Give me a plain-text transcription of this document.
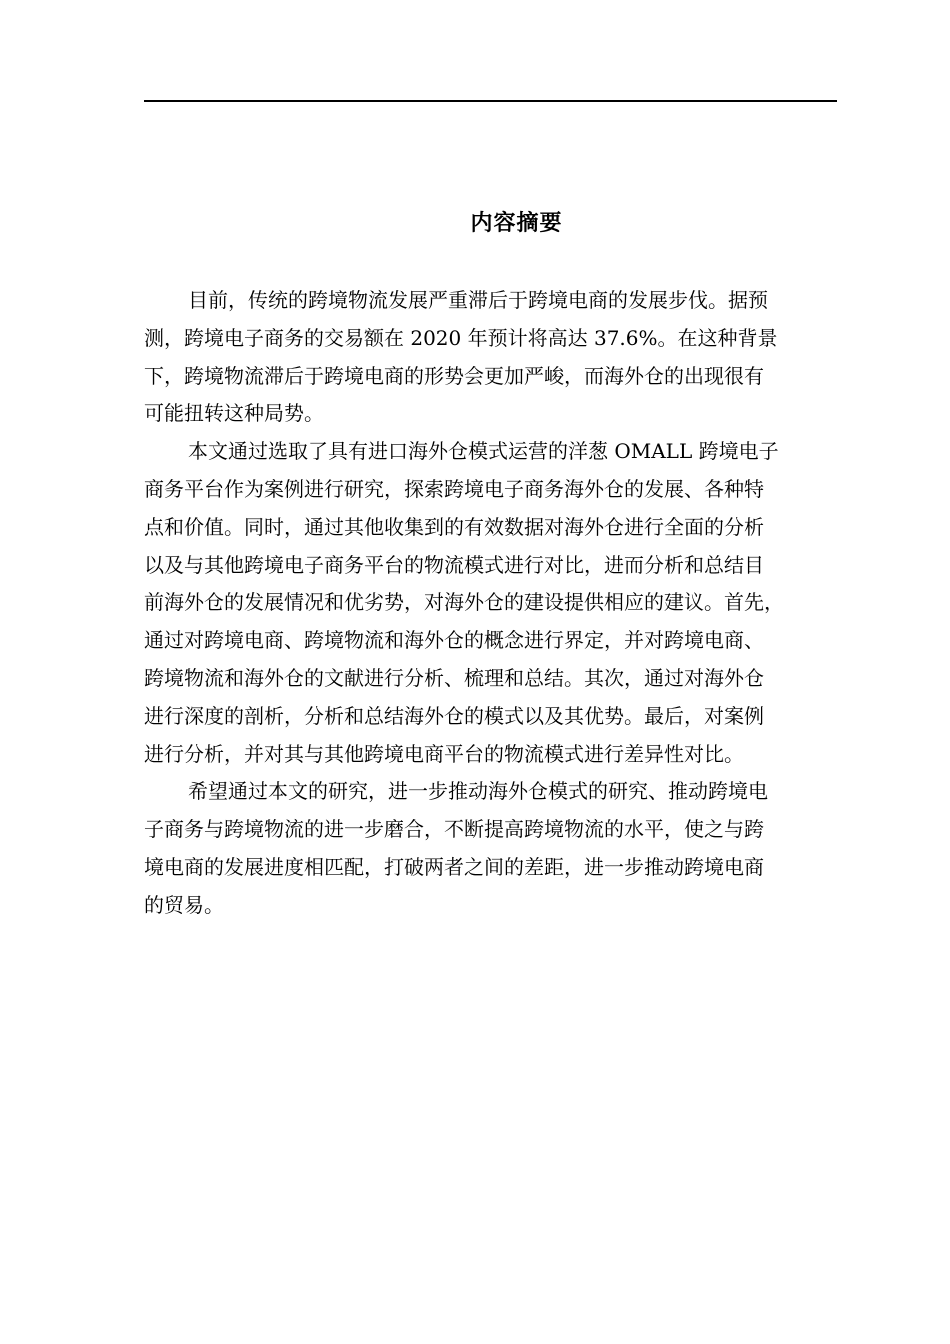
内容摘要

目前，传统的跨境物流发展严重滞后于跨境电商的发展步伐。据预
测，跨境电子商务的交易额在 2020 年预计将高达 37.6%。在这种背景
下，跨境物流滞后于跨境电商的形势会更加严峻，而海外仓的出现很有
可能扭转这种局势。

本文通过选取了具有进口海外仓模式运营的洋葱 OMALL 跨境电子
商务平台作为案例进行研究，探索跨境电子商务海外仓的发展、各种特
点和价值。同时，通过其他收集到的有效数据对海外仓进行全面的分析
以及与其他跨境电子商务平台的物流模式进行对比，进而分析和总结目
前海外仓的发展情况和优劣势，对海外仓的建设提供相应的建议。首先，
通过对跨境电商、跨境物流和海外仓的概念进行界定，并对跨境电商、
跨境物流和海外仓的文献进行分析、梳理和总结。其次，通过对海外仓
进行深度的剖析，分析和总结海外仓的模式以及其优势。最后，对案例
进行分析，并对其与其他跨境电商平台的物流模式进行差异性对比。

希望通过本文的研究，进一步推动海外仓模式的研究、推动跨境电
子商务与跨境物流的进一步磨合，不断提高跨境物流的水平，使之与跨
境电商的发展进度相匹配，打破两者之间的差距，进一步推动跨境电商
的贸易。
